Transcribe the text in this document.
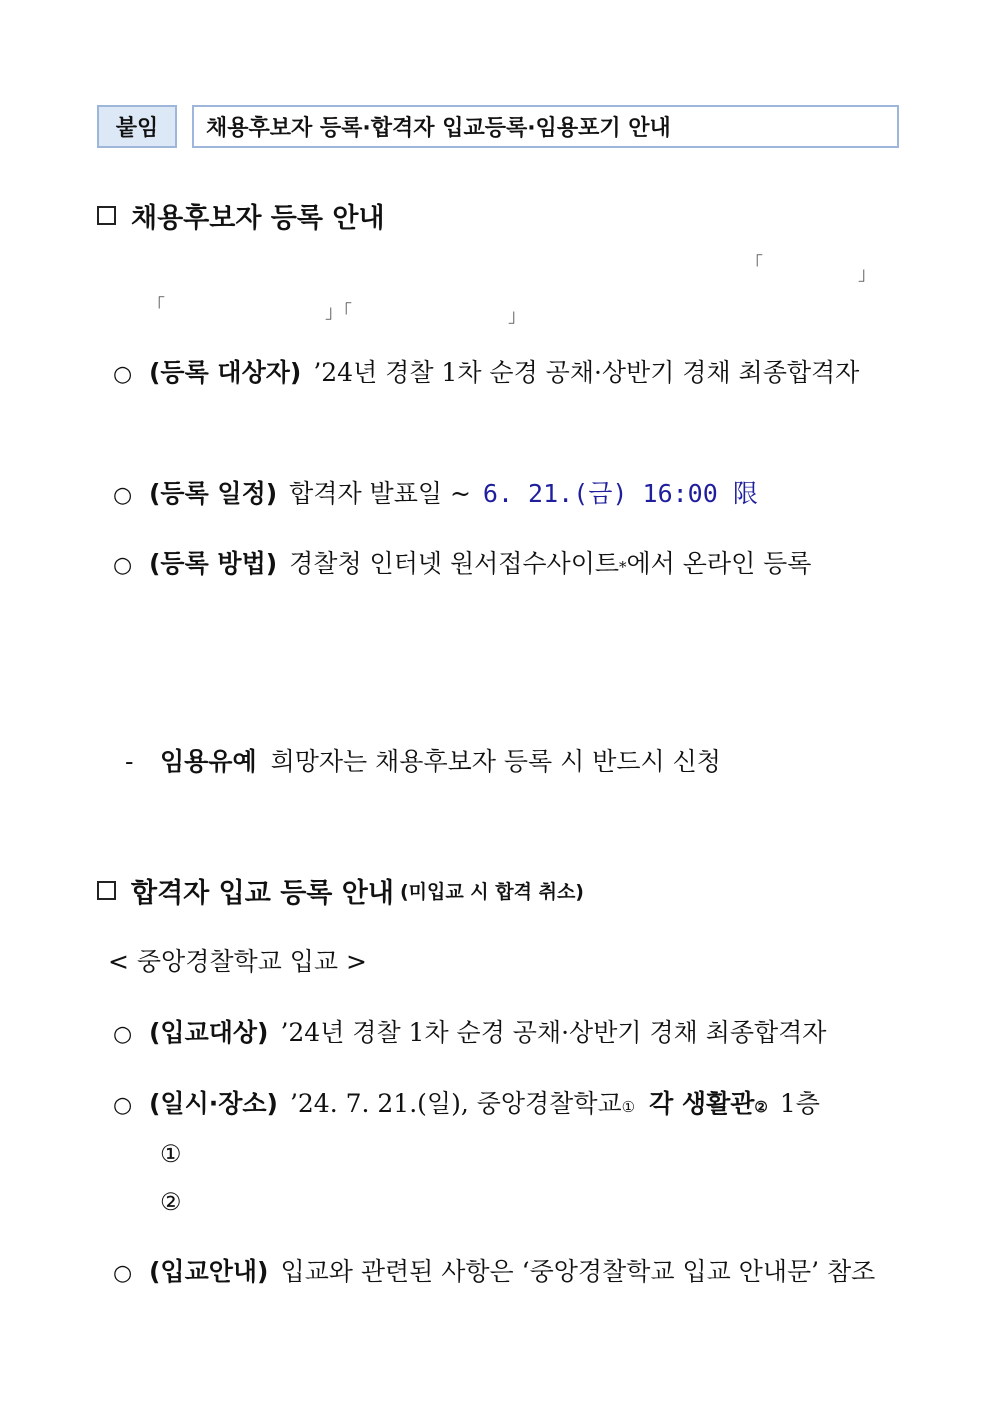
붙임	채용후보자 등록·합격자 입교등록·임용포기 안내
채용후보자 등록 안내
「	」
「	」「	」
○ (등록 대상자) ’24년 경찰 1차 순경 공채·상반기 경채 최종합격자
○ (등록 일정) 합격자 발표일 ~ 6. 21.(금) 16:00 限
○ (등록 방법) 경찰청 인터넷 원서접수사이트$_*$ 에서 온라인 등록
-	임용유예 희망자는 채용후보자 등록 시 반드시 신청
합격자 입교 등록 안내 (미입교 시 합격 취소)
< 중앙경찰학교 입교 >
○ (입교대상) ’24년 경찰 1차 순경 공채·상반기 경채 최종합격자
○ (일시·장소) ’24. 7. 21.(일), 중앙경찰학교$_①$ 각 생활관$_②$ 1층
①
②
○ (입교안내) 입교와 관련된 사항은 ‘중앙경찰학교 입교 안내문’ 참조
